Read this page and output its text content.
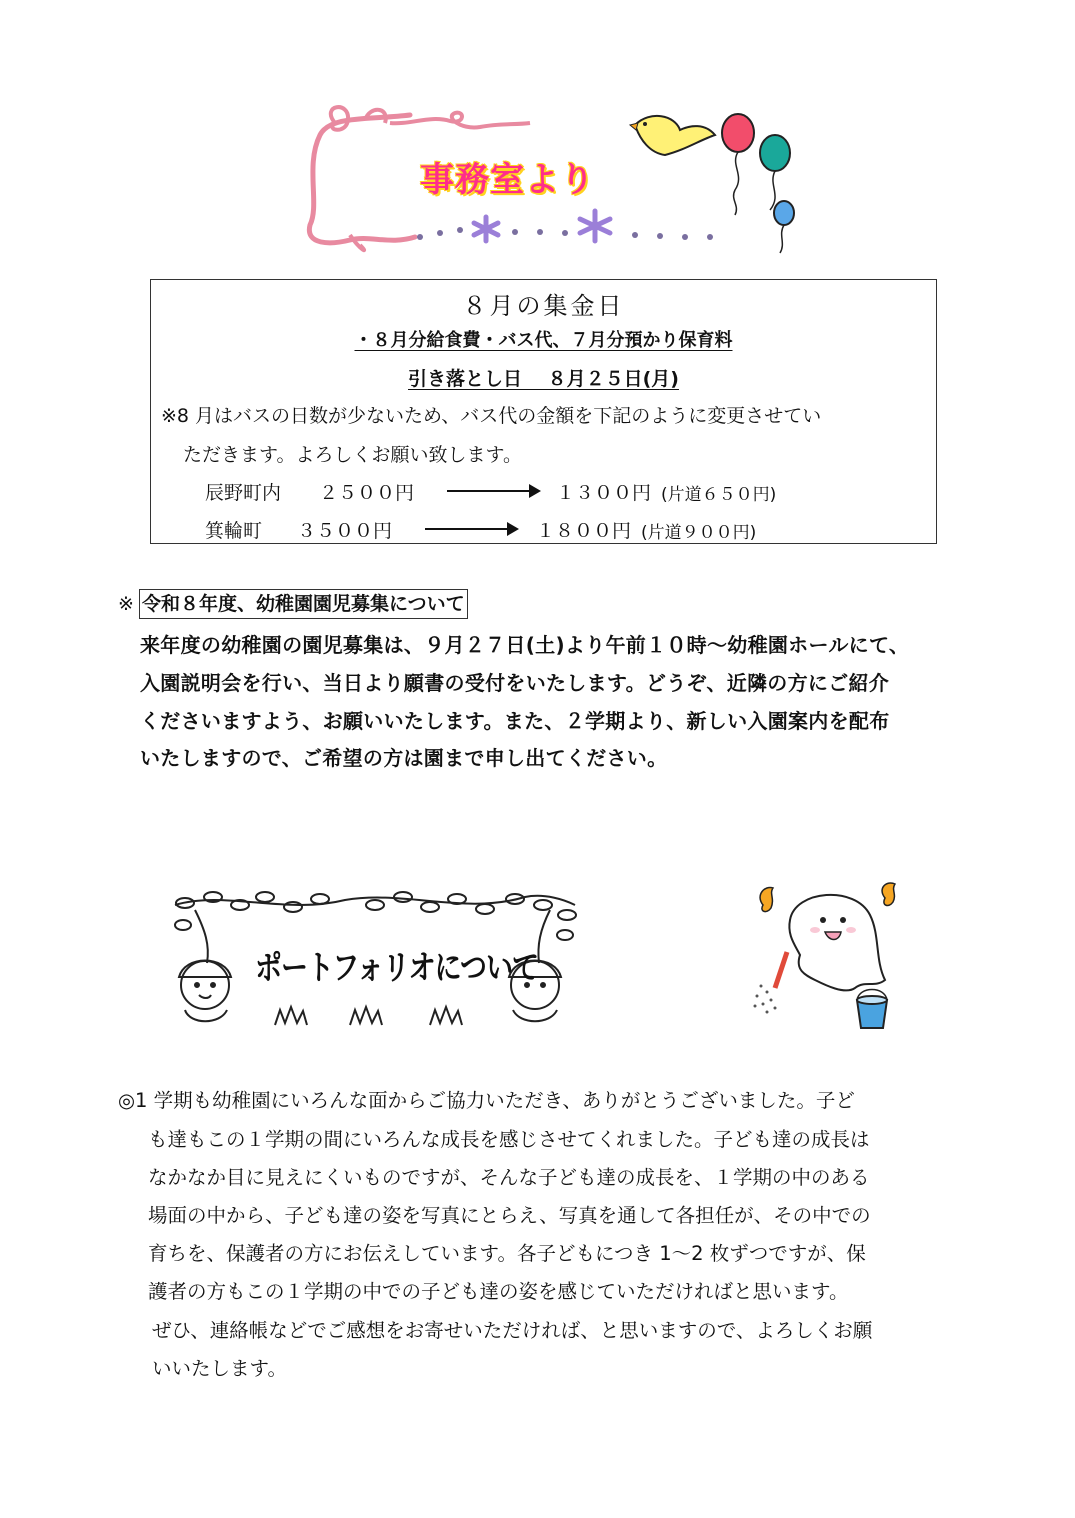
事務室より
８月の集金日
・８月分給食費・バス代、７月分預かり保育料
引き落とし日　 ８月２５日(月)
※8 月はバスの日数が少ないため、バス代の金額を下記のように変更させてい
ただきます。よろしくお願い致します。
辰野町内 ２５００円	１３００円 (片道６５０円)
箕輪町 ３５００円	１８００円 (片道９００円)
※ 令和８年度、幼稚園園児募集について
来年度の幼稚園の園児募集は、９月２７日(土)より午前１０時～幼稚園ホールにて、
入園説明会を行い、当日より願書の受付をいたします。どうぞ、近隣の方にご紹介
くださいますよう、お願いいたします。また、２学期より、新しい入園案内を配布
いたしますので、ご希望の方は園まで申し出てください。
ポートフォリオについて
◎1 学期も幼稚園にいろんな面からご協力いただき、ありがとうございました。子ど
も達もこの１学期の間にいろんな成長を感じさせてくれました。子ども達の成長は
なかなか目に見えにくいものですが、そんな子ども達の成長を、１学期の中のある
場面の中から、子ども達の姿を写真にとらえ、写真を通して各担任が、その中での
育ちを、保護者の方にお伝えしています。各子どもにつき 1～2 枚ずつですが、保
護者の方もこの１学期の中での子ども達の姿を感じていただければと思います。
ぜひ、連絡帳などでご感想をお寄せいただければ、と思いますので、よろしくお願
いいたします。
